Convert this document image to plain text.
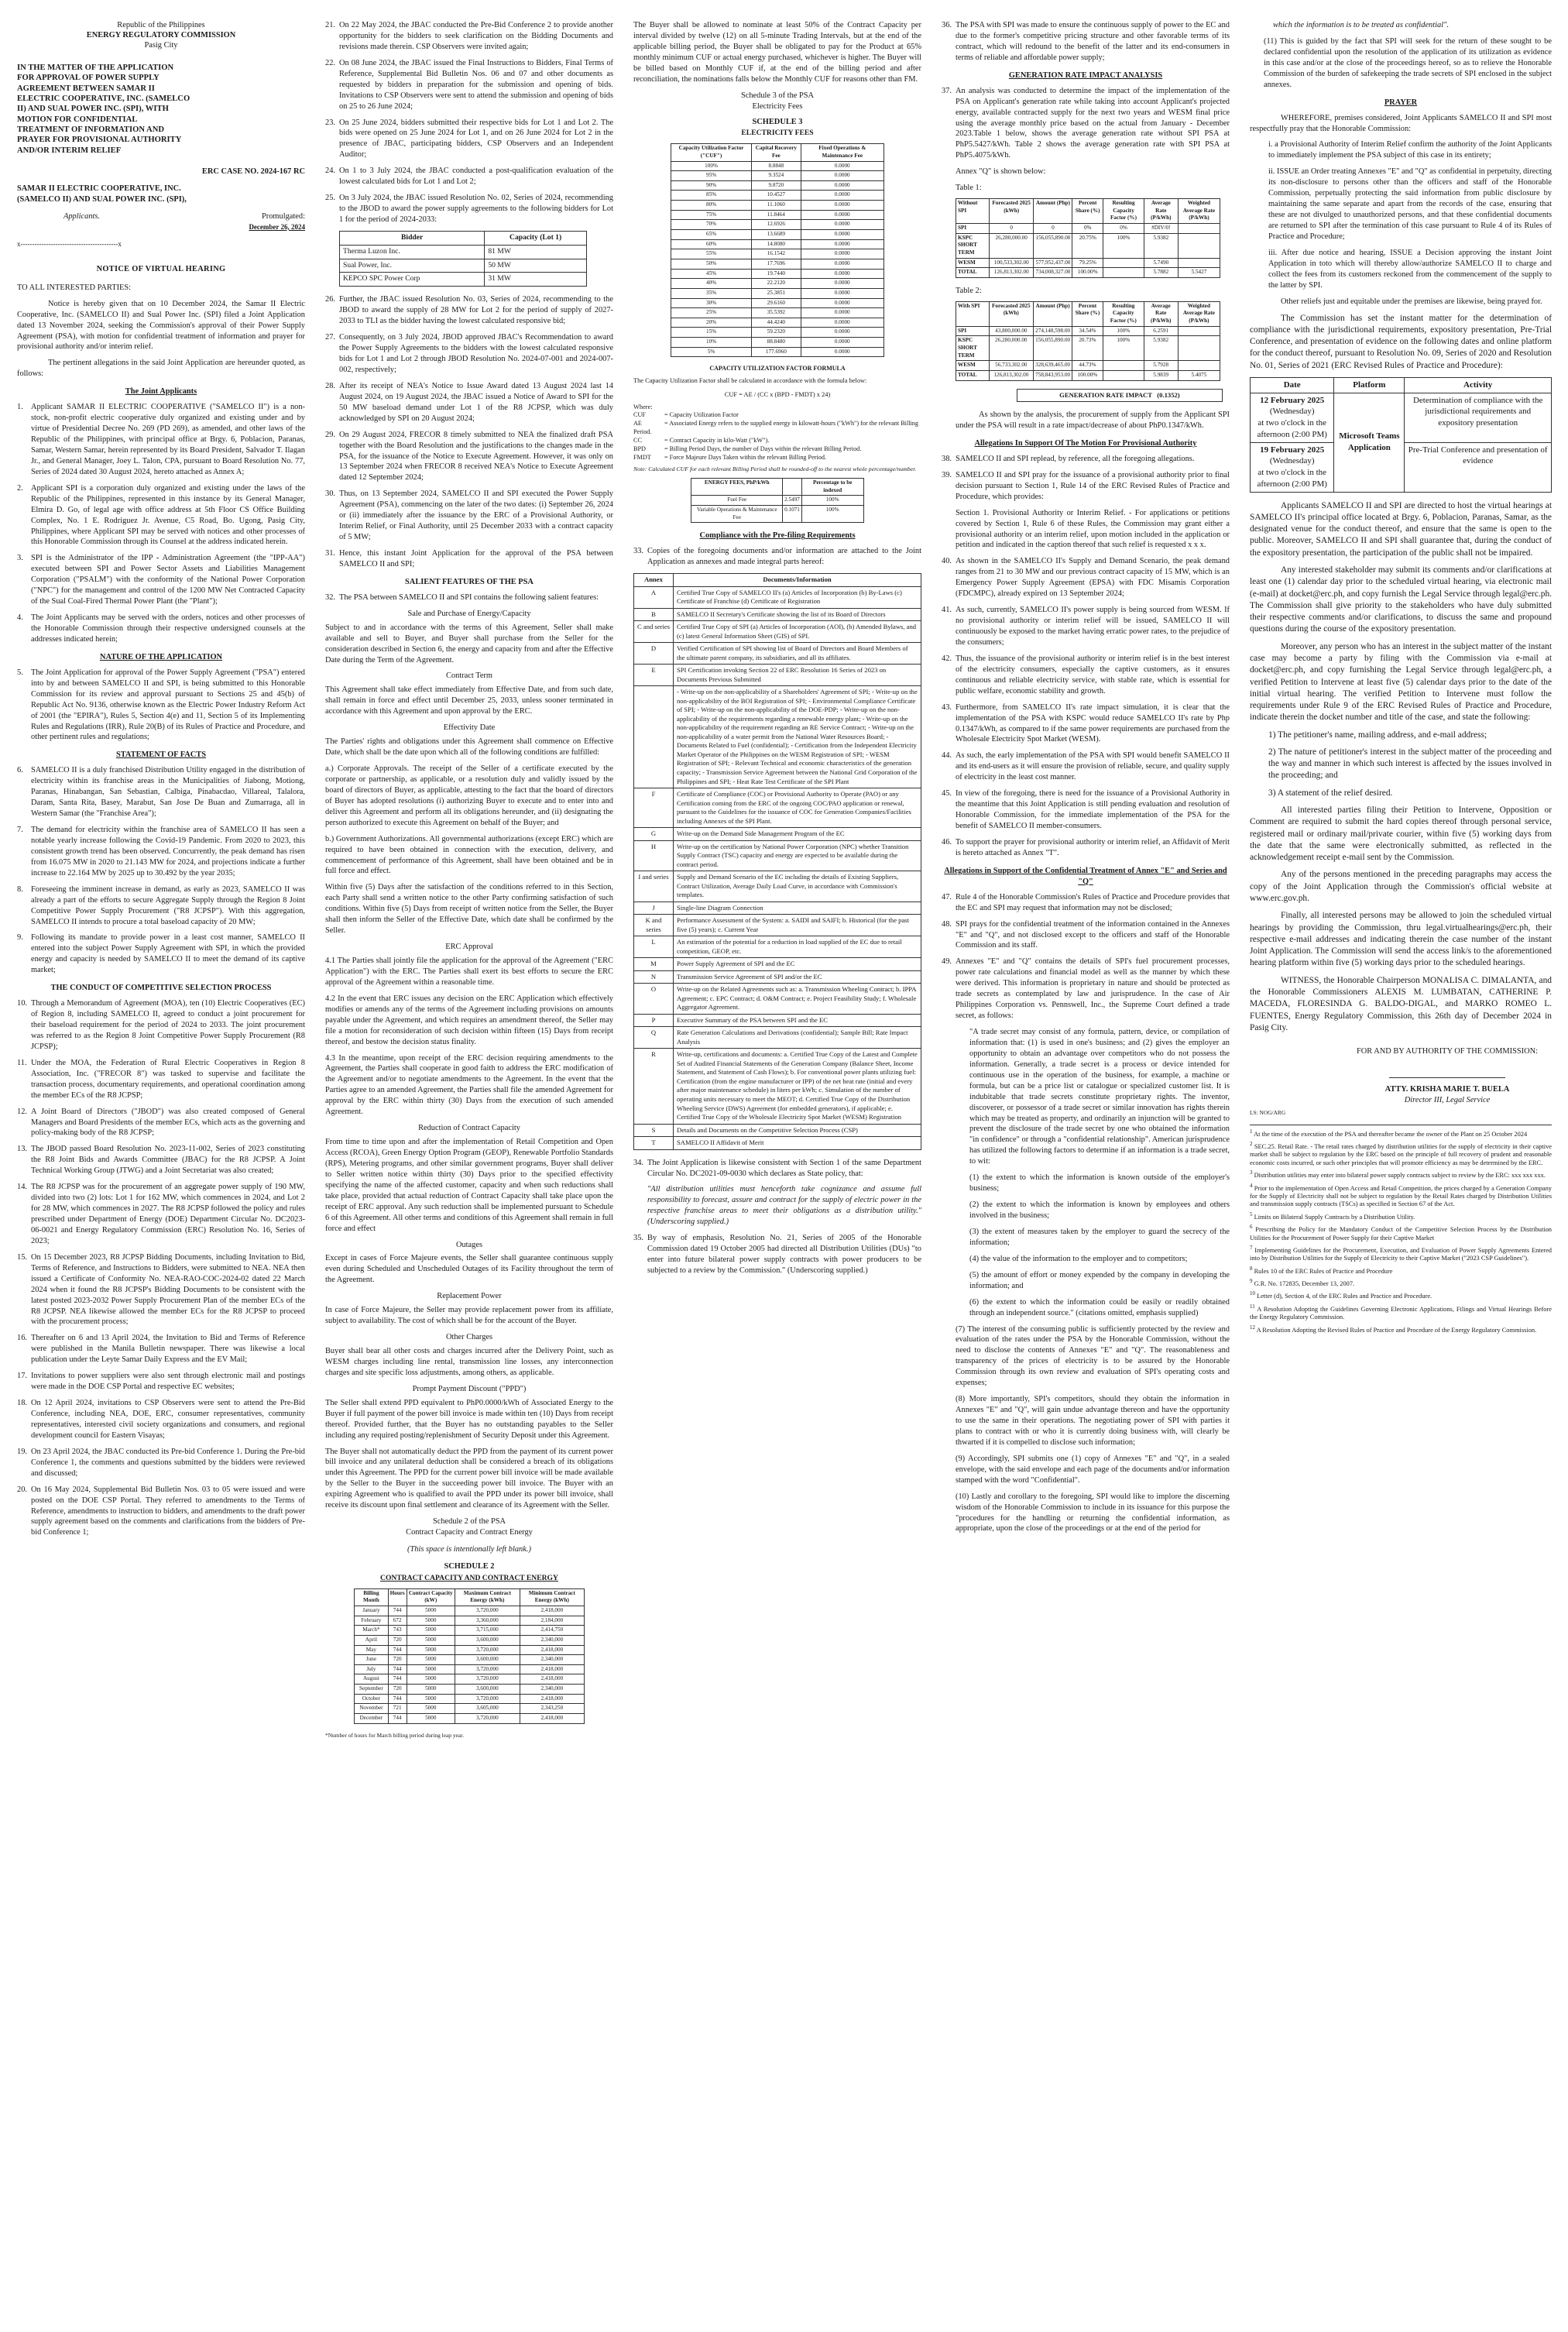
Republic of the Philippines
ENERGY REGULATORY COMMISSION
Pasig City
IN THE MATTER OF THE APPLICATION FOR APPROVAL OF POWER SUPPLY AGREEMENT BETWEEN SAMAR II ELECTRIC COOPERATIVE, INC. (SAMELCO II) AND SUAL POWER INC. (SPI), WITH MOTION FOR CONFIDENTIAL TREATMENT OF INFORMATION AND PRAYER FOR PROVISIONAL AUTHORITY AND/OR INTERIM RELIEF
ERC CASE NO. 2024-167 RC
SAMAR II ELECTRIC COOPERATIVE, INC. (SAMELCO II) AND SUAL POWER INC. (SPI),
Applicants.	Promulgated:
December 26, 2024
x------------------------------------------x
NOTICE OF VIRTUAL HEARING

TO ALL INTERESTED PARTIES:

Notice is hereby given that on 10 December 2024, the Samar II Electric Cooperative, Inc. (SAMELCO II) and Sual Power Inc. (SPI) filed a Joint Application dated 13 November 2024, seeking the Commission's approval of their Power Supply Agreement (PSA), with motion for confidential treatment of information and prayer for provisional authority and/or interim relief.

The pertinent allegations in the said Joint Application are hereunder quoted, as follows:

The Joint Applicants
1. Applicant SAMAR II ELECTRIC COOPERATIVE ("SAMELCO II") is a non-stock, non-profit electric cooperative duly organized and existing under and by virtue of Presidential Decree No. 269 (PD 269), as amended, and other laws of the Republic of the Philippines, with principal office at Brgy. 6, Poblacion, Paranas, Samar, Western Samar, herein represented by its Board President, Salvador T. Ilagan Jr., and General Manager, Joey L. Talon, CPA, pursuant to Board Resolution No. 77, Series of 2024 dated 30 August 2024, hereto attached as Annex A;
2. Applicant SPI is a corporation duly organized and existing under the laws of the Republic of the Philippines, represented in this instance by its General Manager, Elmira D. Go, of legal age with office address at 5th Floor CS Office Building Complex, No. 1 E. Rodriguez Jr. Avenue, C5 Road, Bo. Ugong, Pasig City, Philippines, where Applicant SPI may be served with notices and other processes of this Honorable Commission through its Counsel at the address indicated herein.
3. SPI is the Administrator of the IPP - Administration Agreement (the "IPP-AA") executed between SPI and Power Sector Assets and Liabilities Management Corporation ("PSALM") with the conformity of the National Power Corporation ("NPC") for the management and control of the 1200 MW Net Contracted Capacity of the Sual Coal-Fired Thermal Power Plant (the "Plant");
4. The Joint Applicants may be served with the orders, notices and other processes of the Honorable Commission through their respective undersigned counsels at the addresses indicated herein;
NATURE OF THE APPLICATION
5. The Joint Application for approval of the Power Supply Agreement ("PSA") entered into by and between SAMELCO II and SPI, is being submitted to this Honorable Commission for its review and approval pursuant to Sections 25 and 45(b) of Republic Act No. 9136, otherwise known as the Electric Power Industry Reform Act of 2001 (the "EPIRA"), Rules 5, Section 4(e) and 11, Section 5 of its Implementing Rules and Regulations (IRR), Rule 20(B) of its Rules of Practice and Procedure, and other pertinent rules and regulations;
STATEMENT OF FACTS
6. SAMELCO II is a duly franchised Distribution Utility engaged in the distribution of electricity within its franchise areas in the Municipalities of Jiabong, Motiong, Paranas, Hinabangan, San Sebastian, Calbiga, Pinabacdao, Villareal, Talalora, Daram, Santa Rita, Basey, Marabut, San Jose De Buan and Zumarraga, all in Western Samar (the "Franchise Area");
7. The demand for electricity within the franchise area of SAMELCO II has seen a notable yearly increase following the Covid-19 Pandemic. From 2020 to 2023, this consistent growth trend has been observed. Concurrently, the peak demand has risen from 16.075 MW in 2020 to 21.143 MW for 2024, and projections indicate a further increase to 22.164 MW by 2025 up to 30.492 by the year 2035;
8. Foreseeing the imminent increase in demand, as early as 2023, SAMELCO II was already a part of the efforts to secure Aggregate Supply through the Region 8 Joint Competitive Power Supply Procurement ("R8 JCPSP"). With this aggregation, SAMELCO II intends to procure a total baseload capacity of 20 MW;
9. Following its mandate to provide power in a least cost manner, SAMELCO II entered into the subject Power Supply Agreement with SPI, in which the provided energy and capacity is needed by SAMELCO II to meet the demand of its captive market;
THE CONDUCT OF COMPETITIVE SELECTION PROCESS
10. Through a Memorandum of Agreement (MOA), ten (10) Electric Cooperatives (EC) of Region 8, including SAMELCO II, agreed to conduct a joint procurement for their baseload requirement for the period of 2024 to 2033. The joint procurement was referred to as the Region 8 Joint Competitive Power Supply Procurement (R8 JCPSP);
11. Under the MOA, the Federation of Rural Electric Cooperatives in Region 8 Association, Inc. ("FRECOR 8") was tasked to supervise and facilitate the transaction process, documentary requirements, and operational coordination among the member ECs of the R8 JCPSP;
12. A Joint Board of Directors ("JBOD") was also created composed of General Managers and Board Presidents of the member ECs, which acts as the governing and policy-making body of the R8 JCPSP;
13. The JBOD passed Board Resolution No. 2023-11-002, Series of 2023 constituting the R8 Joint Bids and Awards Committee (JBAC) for the R8 JCPSP. A Joint Technical Working Group (JTWG) and a Joint Secretariat was also created;
14. The R8 JCPSP was for the procurement of an aggregate power supply of 190 MW, divided into two (2) lots: Lot 1 for 162 MW, which commences in 2024, and Lot 2 for 28 MW, which commences in 2027. The R8 JCPSP followed the policy and rules prescribed under Department of Energy (DOE) Department Circular No. DC2023-06-0021 and Energy Regulatory Commission (ERC) Resolution No. 16, Series of 2023;
15. On 15 December 2023, R8 JCPSP Bidding Documents, including Invitation to Bid, Terms of Reference, and Instructions to Bidders, were submitted to NEA. NEA then issued a Certificate of Conformity No. NEA-RAO-COC-2024-02 dated 22 March 2024 when it found the R8 JCPSP's Bidding Documents to be consistent with the latest posted 2023-2032 Power Supply Procurement Plan of the member ECs of the R8 JCPSP. NEA likewise allowed the member ECs for the R8 JCPSP to proceed with the procurement process;
16. Thereafter on 6 and 13 April 2024, the Invitation to Bid and Terms of Reference were published in the Manila Bulletin newspaper. There was likewise a local publication under the Leyte Samar Daily Express and the EV Mail;
17. Invitations to power suppliers were also sent through electronic mail and postings were made in the DOE CSP Portal and respective EC websites;
18. On 12 April 2024, invitations to CSP Observers were sent to attend the Pre-Bid Conference, including NEA, DOE, ERC, consumer representatives, community representatives, interested civil society organizations and consumers, and regional development council for Eastern Visayas;
19. On 23 April 2024, the JBAC conducted its Pre-bid Conference 1. During the Pre-bid Conference 1, the comments and questions submitted by the bidders were reviewed and discussed;
20. On 16 May 2024, Supplemental Bid Bulletin Nos. 03 to 05 were issued and were posted on the DOE CSP Portal. They referred to amendments to the Terms of Reference, amendments to instruction to bidders, and amendments to the draft power supply agreement based on the comments and clarifications from the bidders of Pre-bid Conference 1;
21. On 22 May 2024, the JBAC conducted the Pre-Bid Conference 2 to provide another opportunity for the bidders to seek clarification on the Bidding Documents and revisions made therein. CSP Observers were invited again;
22. On 08 June 2024, the JBAC issued the Final Instructions to Bidders, Final Terms of Reference, Supplemental Bid Bulletin Nos. 06 and 07 and other documents as requested by bidders in preparation for the submission and opening of bids. Invitations to CSP Observers were sent to attend the submission and opening of bids on 25 to 26 June 2024;
23. On 25 June 2024, bidders submitted their respective bids for Lot 1 and Lot 2. The bids were opened on 25 June 2024 for Lot 1, and on 26 June 2024 for Lot 2 in the presence of JBAC, participating bidders, CSP Observers and an Independent Auditor;
24. On 1 to 3 July 2024, the JBAC conducted a post-qualification evaluation of the lowest calculated bids for Lot 1 and Lot 2;
25. On 3 July 2024, the JBAC issued Resolution No. 02, Series of 2024, recommending to the JBOD to award the power supply agreements to the following bidders for Lot 1 for the period of 2024-2033:
Bidder	Capacity (Lot 1)
Therma Luzon Inc.	81 MW
Sual Power, Inc.	50 MW
KEPCO SPC Power Corp	31 MW
26. Further, the JBAC issued Resolution No. 03, Series of 2024, recommending to the JBOD to award the supply of 28 MW for Lot 2 for the period of supply of 2027-2033 to TLI as the bidder having the lowest calculated responsive bid;
27. Consequently, on 3 July 2024, JBOD approved JBAC's Recommendation to award the Power Supply Agreements to the bidders with the lowest calculated responsive bids for Lot 1 and Lot 2 through JBOD Resolution No. 2024-07-001 and 2024-007-002, respectively;
28. After its receipt of NEA's Notice to Issue Award dated 13 August 2024 last 14 August 2024, on 19 August 2024, the JBAC issued a Notice of Award to SPI for the 50 MW baseload demand under Lot 1 of the R8 JCPSP, which was duly acknowledged by SPI on 20 August 2024;
29. On 29 August 2024, FRECOR 8 timely submitted to NEA the finalized draft PSA together with the Board Resolution and the justifications to the changes made in the PSA, for the issuance of the Notice to Execute Agreement. However, it was only on 13 September 2024 when FRECOR 8 received NEA's Notice to Execute Agreement dated 12 September 2024;
30. Thus, on 13 September 2024, SAMELCO II and SPI executed the Power Supply Agreement (PSA), commencing on the later of the two dates: (i) September 26, 2024 or (ii) immediately after the issuance by the ERC of a Provisional Authority, or Interim Relief, or Final Authority, until 25 December 2033 with a contract capacity of 5 MW;
31. Hence, this instant Joint Application for the approval of the PSA between SAMELCO II and SPI;
SALIENT FEATURES OF THE PSA
32. The PSA between SAMELCO II and SPI contains the following salient features:
Sale and Purchase of Energy/Capacity

Subject to and in accordance with the terms of this Agreement, Seller shall make available and sell to Buyer, and Buyer shall purchase from the Seller for the consideration described in Section 6, the energy and capacity from and after the Effective Date during the Term of the Agreement.

Contract Term

This Agreement shall take effect immediately from Effective Date, and from such date, shall remain in force and effect until December 25, 2033, unless sooner terminated in accordance with this Agreement and upon approval by the ERC.

Effectivity Date

The Parties' rights and obligations under this Agreement shall commence on Effective Date, which shall be the date upon which all of the following conditions are fulfilled:

a.) Corporate Approvals. The receipt of the Seller of a certificate executed by the corporate or partnership, as applicable, or a resolution duly and validly issued by the board of directors of Buyer, as applicable, attesting to the fact that the board of directors of Buyer has adopted resolutions (i) authorizing Buyer to execute and to enter into and deliver this Agreement and perform all its obligations hereunder, and (ii) designating the person authorized to execute this Agreement on behalf of the Buyer; and

b.) Government Authorizations. All governmental authorizations (except ERC) which are required to have been obtained in connection with the execution, delivery, and commencement of performance of this Agreement, shall have been obtained and be in full force and effect.

Within five (5) Days after the satisfaction of the conditions referred to in this Section, each Party shall send a written notice to the other Party confirming satisfaction of such conditions. Within five (5) Days from receipt of written notice from the Seller, the Buyer shall then inform the Seller of the Effective Date, which date shall be confirmed by the Seller.

ERC Approval

4.1 The Parties shall jointly file the application for the approval of the Agreement ("ERC Application") with the ERC. The Parties shall exert its best efforts to secure the ERC approval of the Agreement within a reasonable time.

4.2 In the event that ERC issues any decision on the ERC Application which effectively modifies or amends any of the terms of the Agreement including provisions on amounts payable under the Agreement, and which requires an amendment thereof, the Seller may file a motion for reconsideration of such decision within fifteen (15) Days from receipt thereof, and bestow the decision status finality.

4.3 In the meantime, upon receipt of the ERC decision requiring amendments to the Agreement, the Parties shall cooperate in good faith to address the ERC modification of the Agreement and/or to negotiate amendments to the Agreement. In the event that the Parties agree to an amended Agreement, the Parties shall file the amended Agreement for approval by the ERC within thirty (30) Days from the execution of such amended Agreement.

Reduction of Contract Capacity

From time to time upon and after the implementation of Retail Competition and Open Access (RCOA), Green Energy Option Program (GEOP), Renewable Portfolio Standards (RPS), Metering programs, and other similar government programs, Buyer shall deliver to Seller written notice within thirty (30) Days prior to the specified effectivity specifying the name of the affected customer, capacity and when such reductions shall take place, provided that actual reduction of Contract Capacity shall take place upon the receipt of ERC approval. Any such reduction shall be implemented pursuant to Schedule 6 of this Agreement. All other terms and conditions of this Agreement shall remain in full force and effect

Outages

Except in cases of Force Majeure events, the Seller shall guarantee continuous supply even during Scheduled and Unscheduled Outages of its Facility throughout the term of the Agreement.

Replacement Power

In case of Force Majeure, the Seller may provide replacement power from its affiliate, subject to availability. The cost of which shall be for the account of the Buyer.

Other Charges

Buyer shall bear all other costs and charges incurred after the Delivery Point, such as WESM charges including line rental, transmission line losses, any interconnection charges and site specific loss adjustments, among others, as applicable.

Prompt Payment Discount ("PPD")

The Seller shall extend PPD equivalent to PhP0.0000/kWh of Associated Energy to the Buyer if full payment of the power bill invoice is made within ten (10) Days from receipt thereof. Provided further, that the Buyer has no outstanding payables to the Seller including any required posting/replenishment of Security Deposit under this Agreement.

The Buyer shall not automatically deduct the PPD from the payment of its current power bill invoice and any unilateral deduction shall be considered a breach of its obligations under this Agreement. The PPD for the current power bill invoice will be made available by the Seller to the Buyer in the succeeding power bill invoice. The Buyer with an expiring Agreement who is qualified to avail the PPD under its power bill invoice, shall receive its discount upon final settlement and clearance of its Agreement with the Seller.

Schedule 2 of the PSA
Contract Capacity and Contract Energy
(This space is intentionally left blank.)
SCHEDULE 2
CONTRACT CAPACITY AND CONTRACT ENERGY
Billing Month	Hours	Contract Capacity (kW)	Maximum Contract Energy (kWh)	Minimum Contract Energy (kWh)
January	744	5000	3,720,000	2,418,000
February	672	5000	3,360,000	2,184,000
March*	743	5000	3,715,000	2,414,750
April	720	5000	3,600,000	2,340,000
May	744	5000	3,720,000	2,418,000
June	720	5000	3,600,000	2,340,000
July	744	5000	3,720,000	2,418,000
August	744	5000	3,720,000	2,418,000
September	720	5000	3,600,000	2,340,000
October	744	5000	3,720,000	2,418,000
November	721	5000	3,605,000	2,343,250
December	744	5000	3,720,000	2,418,000
*Number of hours for March billing period during leap year.

The Buyer shall be allowed to nominate at least 50% of the Contract Capacity per interval divided by twelve (12) on all 5-minute Trading Intervals, but at the end of the applicable billing period, the Buyer shall be obligated to pay for the Product at 65% monthly minimum CUF or actual energy purchased, whichever is higher. The Buyer will be billed based on Monthly CUF if, at the end of the billing period and after reconciliation, the nominations falls below the Monthly CUF for reasons other than FM.

Schedule 3 of the PSA
Electricity Fees
SCHEDULE 3
ELECTRICITY FEES
Capacity Utilization Factor ("CUF")	Capital Recovery Fee	Fixed Operations & Maintenance Fee
100%	8.8848	0.0000
95%	9.3524	0.0000
90%	9.8720	0.0000
85%	10.4527	0.0000
80%	11.1060	0.0000
75%	11.8464	0.0000
70%	12.6926	0.0000
65%	13.6689	0.0000
60%	14.8080	0.0000
55%	16.1542	0.0000
50%	17.7696	0.0000
45%	19.7440	0.0000
40%	22.2120	0.0000
35%	25.3851	0.0000
30%	29.6160	0.0000
25%	35.5392	0.0000
20%	44.4240	0.0000
15%	59.2320	0.0000
10%	88.8480	0.0000
5%	177.6960	0.0000
CAPACITY UTILIZATION FACTOR FORMULA

The Capacity Utilization Factor shall be calculated in accordance with the formula below:

CUF = AE / (CC x (BPD - FMDT) x 24)
Where:
CUF	= Capacity Utilization Factor
AE	= Associated Energy refers to the supplied energy in kilowatt-hours ("kWh") for the relevant Billing Period.
CC	= Contract Capacity in kilo-Watt ("kW").
BPD	= Billing Period Days, the number of Days within the relevant Billing Period.
FMDT = Force Majeure Days Taken within the relevant Billing Period.
Note: Calculated CUF for each relevant Billing Period shall be rounded-off to the nearest whole percentage/number.
ENERGY FEES, PhP/kWh		Percentage to be indexed
Fuel Fee	2.5497	100%
Variable Operations & Maintenance Fee	0.1071	100%
Compliance with the Pre-filing Requirements
33. Copies of the foregoing documents and/or information are attached to the Joint Application as annexes and made integral parts hereof:
Annex	Documents/Information
A	Certified True Copy of SAMELCO II's (a) Articles of Incorporation (b) By-Laws (c) Certificate of Franchise (d) Certificate of Registration
B	SAMELCO II Secretary's Certificate showing the list of its Board of Directors
C and series	Certified True Copy of SPI (a) Articles of Incorporation (AOI), (b) Amended Bylaws, and (c) latest General Information Sheet (GIS) of SPI.
D	Verified Certification of SPI showing list of Board of Directors and Board Members of the ultimate parent company, its subsidiaries, and all its affiliates.
E	SPI Certification invoking Section 22 of ERC Resolution 16 Series of 2023 on Documents Previous Submitted
	- Write-up on the non-applicability of a Shareholders' Agreement of SPI; - Write-up on the non-applicability of the BOI Registration of SPI; - Environmental Compliance Certificate of SPI; - Write-up on the non-applicability of the DOE-PDP; - Write-up on the non-applicability of the requirements regarding a renewable energy plant; - Write-up on the non-applicability of the requirement regarding an RE Service Contract; - Write-up on the non-applicability of a water permit from the National Water Resources Board; - Documents Related to Fuel (confidential); - Certification from the Independent Electricity Market Operator of the Philippines on the WESM Registration of SPI; - WESM Registration of SPI; - Relevant Technical and economic characteristics of the generation capacity; - Transmission Service Agreement between the National Grid Corporation of the Philippines and SPI; - Heat Rate Test Certificate of the SPI Plant
F	Certificate of Compliance (COC) or Provisional Authority to Operate (PAO) or any Certification coming from the ERC of the ongoing COC/PAO application or renewal, pursuant to the Guidelines for the issuance of COC for Generation Companies/Facilities including Annexes of the SPI Plant.
G	Write-up on the Demand Side Management Program of the EC
H	Write-up on the certification by National Power Corporation (NPC) whether Transition Supply Contract (TSC) capacity and energy are expected to be available during the contract period.
I and series	Supply and Demand Scenario of the EC including the details of Existing Suppliers, Contract Utilization, Average Daily Load Curve, in accordance with Commission's templates.
J	Single-line Diagram Connection
K and series	Performance Assessment of the System: a. SAIDI and SAIFI; b. Historical (for the past five (5) years); c. Current Year
L	An estimation of the potential for a reduction in load supplied of the EC due to retail competition, GEOP, etc.
M	Power Supply Agreement of SPI and the EC
N	Transmission Service Agreement of SPI and/or the EC
O	Write-up on the Related Agreements such as: a. Transmission Wheeling Contract; b. IPPA Agreement; c. EPC Contract; d. O&M Contract; e. Project Feasibility Study; f. Wholesale Aggregator Agreement.
P	Executive Summary of the PSA between SPI and the EC
Q	Rate Generation Calculations and Derivations (confidential); Sample Bill; Rate Impact Analysis
R	Write-up, certifications and documents: a. Certified True Copy of the Latest and Complete Set of Audited Financial Statements of the Generation Company (Balance Sheet, Income Statement, and Statement of Cash Flows); b. For conventional power plants utilizing fuel: Certification (from the engine manufacturer or IPP) of the net heat rate (initial and every after major maintenance schedule) in liters per kWh; c. Simulation of the number of operating units necessary to meet the MEOT; d. Certified True Copy of the Distribution Wheeling Service (DWS) Agreement (for embedded generators), if applicable; e. Certified True Copy of the Wholesale Electricity Spot Market (WESM) Registration
S	Details and Documents on the Competitive Selection Process (CSP)
T	SAMELCO II Affidavit of Merit
34. The Joint Application is likewise consistent with Section 1 of the same Department Circular No. DC2021-09-0030 which declares as State policy, that:

"All distribution utilities must henceforth take cognizance and assume full responsibility to forecast, assure and contract for the supply of electric power in the respective franchise areas to meet their obligations as a distribution utility." (Underscoring supplied.)

35. By way of emphasis, Resolution No. 21, Series of 2005 of the Honorable Commission dated 19 October 2005 had directed all Distribution Utilities (DUs) "to enter into future bilateral power supply contracts with power producers to be subjected to a review by the Commission." (Underscoring supplied.)
36. The PSA with SPI was made to ensure the continuous supply of power to the EC and due to the former's competitive pricing structure and other favorable terms of its contract, which will redound to the benefit of the latter and its end-consumers in terms of reliable and affordable power supply;
GENERATION RATE IMPACT ANALYSIS
37. An analysis was conducted to determine the impact of the implementation of the PSA on Applicant's generation rate while taking into account Applicant's projected energy, available contracted supply for the next two years and WESM final price using the average monthly price based on the actual from January - December 2023.Table 1 below, shows the average generation rate without SPI PSA at PhP5.5427/kWh. Table 2 shows the average generation rate with SPI PSA at PhP5.4075/kWh.

Annex "Q" is shown below:

Table 1:
Without SPI	Forecasted 2025 (kWh)	Amount (Php)	Percent Share (%)	Resulting Capacity Factor (%)	Average Rate (P/kWh)	Weighted Average Rate (P/kWh)
SPI	0	0	0%	0%	#DIV/0!	
KSPC SHORT TERM	26,280,000.00	156,055,890.00	20.75%	100%	5.9382	
WESM	100,533,302.00	577,952,437.00	79.25%		5.7490	
TOTAL	126,813,302.00	734,008,327.00	100.00%		5.7882	5.5427
Table 2:
With SPI	Forecasted 2025 (kWh)	Amount (Php)	Percent Share (%)	Resulting Capacity Factor (%)	Average Rate (P/kWh)	Weighted Average Rate (P/kWh)
SPI	43,800,000.00	274,148,598.00	34.54%	100%	6.2591	
KSPC SHORT TERM	26,280,000.00	156,055,890.00	20.73%	100%	5.9382	
WESM	56,733,302.00	328,639,465.00	44.73%		5.7928	
TOTAL	126,813,302.00	758,843,953.00	100.00%		5.9839	5.4075
GENERATION RATE IMPACT (0.1352)

As shown by the analysis, the procurement of supply from the Applicant SPI under the PSA will result in a rate impact/decrease of about PhP0.1347/kWh.

Allegations In Support Of The Motion For Provisional Authority
38. SAMELCO II and SPI replead, by reference, all the foregoing allegations.
39. SAMELCO II and SPI pray for the issuance of a provisional authority prior to final decision pursuant to Section 1, Rule 14 of the ERC Revised Rules of Practice and Procedure, which provides:

Section 1. Provisional Authority or Interim Relief. - For applications or petitions covered by Section 1, Rule 6 of these Rules, the Commission may grant either a provisional authority or an interim relief, upon motion included in the application or petition and indicated in the caption thereof that such relief is requested x x x.

40. As shown in the SAMELCO II's Supply and Demand Scenario, the peak demand ranges from 21 to 30 MW and our previous contract capacity of 15 MW, which is an Emergency Power Supply Agreement (EPSA) with FDC Misamis Corporation (FDCMPC), already expired on 13 September 2024;
41. As such, currently, SAMELCO II's power supply is being sourced from WESM. If no provisional authority or interim relief will be issued, SAMELCO II will continuously be exposed to the market having erratic power rates, to the prejudice of the consumers;
42. Thus, the issuance of the provisional authority or interim relief is in the best interest of the electricity consumers, especially the captive customers, as it ensures continuous and reliable electricity service, with stable rate, which is essential for public welfare, economic stability and growth.
43. Furthermore, from SAMELCO II's rate impact simulation, it is clear that the implementation of the PSA with KSPC would reduce SAMELCO II's rate by Php 0.1347/kWh, as compared to if the same power requirements are purchased from the Wholesale Electricity Spot Market (WESM).
44. As such, the early implementation of the PSA with SPI would benefit SAMELCO II and its end-users as it will ensure the provision of reliable, secure, and quality supply of electricity in the least cost manner.
45. In view of the foregoing, there is need for the issuance of a Provisional Authority in the meantime that this Joint Application is still pending evaluation and resolution of Honorable Commission, for the immediate implementation of the PSA for the benefit of SAMELCO II member-consumers.
46. To support the prayer for provisional authority or interim relief, an Affidavit of Merit is hereto attached as Annex "T".
Allegations in Support of the Confidential Treatment of Annex "E" and Series and "Q"
47. Rule 4 of the Honorable Commission's Rules of Practice and Procedure provides that the EC and SPI may request that information may not be disclosed;
48. SPI prays for the confidential treatment of the information contained in the Annexes "E" and "Q", and not disclosed except to the officers and staff of the Honorable Commission and its staff.
49. Annexes "E" and "Q" contains the details of SPI's fuel procurement processes, power rate calculations and financial model as well as the manner by which these were derived. This information is proprietary in nature and should be protected as trade secrets as contemplated by law and jurisprudence. In the case of Air Philippines Corporation vs. Pennswell, Inc., the Supreme Court defined a trade secret, as follows:

"A trade secret may consist of any formula, pattern, device, or compilation of information that: (1) is used in one's business; and (2) gives the employer an opportunity to obtain an advantage over competitors who do not possess the information. Generally, a trade secret is a process or device intended for continuous use in the operation of the business, for example, a machine or formula, but can be a price list or catalogue or specialized customer list. It is indubitable that trade secrets constitute proprietary rights. The inventor, discoverer, or possessor of a trade secret or similar innovation has rights therein which may be treated as property, and ordinarily an injunction will be granted to prevent the disclosure of the trade secret by one who obtained the information "in confidence" or through a "confidential relationship". American jurisprudence has utilized the following factors to determine if an information is a trade secret, to wit:

(1) the extent to which the information is known outside of the employer's business;

(2) the extent to which the information is known by employees and others involved in the business;

(3) the extent of measures taken by the employer to guard the secrecy of the information;

(4) the value of the information to the employer and to competitors;

(5) the amount of effort or money expended by the company in developing the information; and

(6) the extent to which the information could be easily or readily obtained through an independent source." (citations omitted, emphasis supplied)

(7) The interest of the consuming public is sufficiently protected by the review and evaluation of the rates under the PSA by the Honorable Commission, without the need to disclose the contents of Annexes "E" and "Q". The reasonableness and transparency of the prices of electricity is to be assured by the Honorable Commission through its own review and evaluation of SPI's operating costs and expenses;

(8) More importantly, SPI's competitors, should they obtain the information in Annexes "E" and "Q", will gain undue advantage thereon and have the opportunity to use the same in their operations. The negotiating power of SPI with parties it plans to contract with or who it is currently doing business with, will clearly be thwarted if it is compelled to disclose such information;

(9) Accordingly, SPI submits one (1) copy of Annexes "E" and "Q", in a sealed envelope, with the said envelope and each page of the documents and/or information stamped with the word "Confidential".

(10) Lastly and corollary to the foregoing, SPI would like to implore the discerning wisdom of the Honorable Commission to include in its issuance for this purpose the "procedures for the handling or returning the confidential information, as appropriate, upon the close of the proceedings or at the end of the period for

which the information is to be treated as confidential".

(11) This is guided by the fact that SPI will seek for the return of these sought to be declared confidential upon the resolution of the application of its utilization as evidence in this case and/or at the close of the proceedings hereof, so as to relieve the Honorable Commission of the burden of safekeeping the trade secrets of SPI enclosed in the subject annexes.

PRAYER

WHEREFORE, premises considered, Joint Applicants SAMELCO II and SPI most respectfully pray that the Honorable Commission:

i. a Provisional Authority of Interim Relief confirm the authority of the Joint Applicants to immediately implement the PSA subject of this case in its entirety;

ii. ISSUE an Order treating Annexes "E" and "Q" as confidential in perpetuity, directing its non-disclosure to persons other than the officers and staff of the Honorable Commission, perpetually protecting the said information from public disclosure by maintaining the same separate and apart from the records of the case, ensuring that these are not divulged to unauthorized persons, and that these confidential documents are returned to SPI after the termination of this case pursuant to Rule 4 of its Rules of Practice and Procedure;

iii. After due notice and hearing, ISSUE a Decision approving the instant Joint Application in toto which will thereby allow/authorize SAMELCO II to charge and collect the fees from its customers reckoned from the commencement of the supply to the latter by SPI.

Other reliefs just and equitable under the premises are likewise, being prayed for.

The Commission has set the instant matter for the determination of compliance with the jurisdictional requirements, expository presentation, Pre-Trial Conference, and presentation of evidence on the following dates and online platform for the conduct thereof, pursuant to Resolution No. 09, Series of 2020 and Resolution No. 01, Series of 2021 (ERC Revised Rules of Practice and Procedure):

Date	Platform	Activity
12 February 2025
(Wednesday)
at two o'clock in the afternoon (2:00 PM)	Microsoft Teams Application	Determination of compliance with the jurisdictional requirements and expository presentation
19 February 2025
(Wednesday)
at two o'clock in the afternoon (2:00 PM)		Pre-Trial Conference and presentation of evidence

Applicants SAMELCO II and SPI are directed to host the virtual hearings at SAMELCO II's principal office located at Brgy. 6, Poblacion, Paranas, Samar, as the designated venue for the conduct thereof, and ensure that the same is open to the public. Moreover, SAMELCO II and SPI shall guarantee that, during the conduct of the expository presentation, the participation of the public shall not be impaired.

Any interested stakeholder may submit its comments and/or clarifications at least one (1) calendar day prior to the scheduled virtual hearing, via electronic mail (e-mail) at docket@erc.ph, and copy furnish the Legal Service through legal@erc.ph. The Commission shall give priority to the stakeholders who have duly submitted their respective comments and/or clarifications, to discuss the same and propound questions during the course of the expository presentation.

Moreover, any person who has an interest in the subject matter of the instant case may become a party by filing with the Commission via e-mail at docket@erc.ph, and copy furnishing the Legal Service through legal@erc.ph, a verified Petition to Intervene at least five (5) calendar days prior to the date of the initial virtual hearing. The verified Petition to Intervene must follow the requirements under Rule 9 of the ERC Revised Rules of Practice and Procedure, indicate therein the docket number and title of the case, and state the following:

1) The petitioner's name, mailing address, and e-mail address;

2) The nature of petitioner's interest in the subject matter of the proceeding and the way and manner in which such interest is affected by the issues involved in the proceeding; and

3) A statement of the relief desired.

All interested parties filing their Petition to Intervene, Opposition or Comment are required to submit the hard copies thereof through personal service, registered mail or ordinary mail/private courier, within five (5) working days from the date that the same were electronically submitted, as reflected in the acknowledgement receipt e-mail sent by the Commission.

Any of the persons mentioned in the preceding paragraphs may access the copy of the Joint Application through the Commission's official website at www.erc.gov.ph.

Finally, all interested persons may be allowed to join the scheduled virtual hearings by providing the Commission, thru legal.virtualhearings@erc.ph, their respective e-mail addresses and indicating therein the case number of the instant Joint Application. The Commission will send the access link/s to the aforementioned hearing platform within five (5) working days prior to the scheduled hearings.

WITNESS, the Honorable Chairperson MONALISA C. DIMALANTA, and the Honorable Commissioners ALEXIS M. LUMBATAN, CATHERINE P. MACEDA, FLORESINDA G. BALDO-DIGAL, and MARKO ROMEO L. FUENTES, Energy Regulatory Commission, this 26th day of December 2024 in Pasig City.

FOR AND BY AUTHORITY OF THE COMMISSION:
ATTY. KRISHA MARIE T. BUELA
Director III, Legal Service
LS: NOG/ARG
$^1$ At the time of the execution of the PSA and thereafter became the owner of the Plant on 25 October 2024
$^2$ SEC.25. Retail Rate. - The retail rates charged by distribution utilities for the supply of electricity in their captive market shall be subject to regulation by the ERC based on the principle of full recovery of prudent and reasonable economic costs incurred, or such other principles that will promote efficiency as may be determined by the ERC.
$^3$ Distribution utilities may enter into bilateral power supply contracts subject to review by the ERC: xxx xxx xxx.
$^4$ Prior to the implementation of Open Access and Retail Competition, the prices charged by a Generation Company for the Supply of Electricity shall not be subject to regulation by the Retail Rates charged by Distribution Utilities and transmission supply contracts (TSCs) as specified in Section 67 of the Act.
$^5$ Limits on Bilateral Supply Contracts by a Distribution Utility.
$^6$ Prescribing the Policy for the Mandatory Conduct of the Competitive Selection Process by the Distribution Utilities for the Procurement of Power Supply for their Captive Market
$^7$ Implementing Guidelines for the Procurement, Execution, and Evaluation of Power Supply Agreements Entered into by Distribution Utilities for the Supply of Electricity to their Captive Market ("2023 CSP Guidelines").
$^8$ Rules 10 of the ERC Rules of Practice and Procedure
$^9$ G.R. No. 172835, December 13, 2007.
$^{10}$ Letter (d), Section 4, of the ERC Rules and Practice and Procedure.
$^{11}$ A Resolution Adopting the Guidelines Governing Electronic Applications, Filings and Virtual Hearings Before the Energy Regulatory Commission.
$^{12}$ A Resolution Adopting the Revised Rules of Practice and Procedure of the Energy Regulatory Commission.
